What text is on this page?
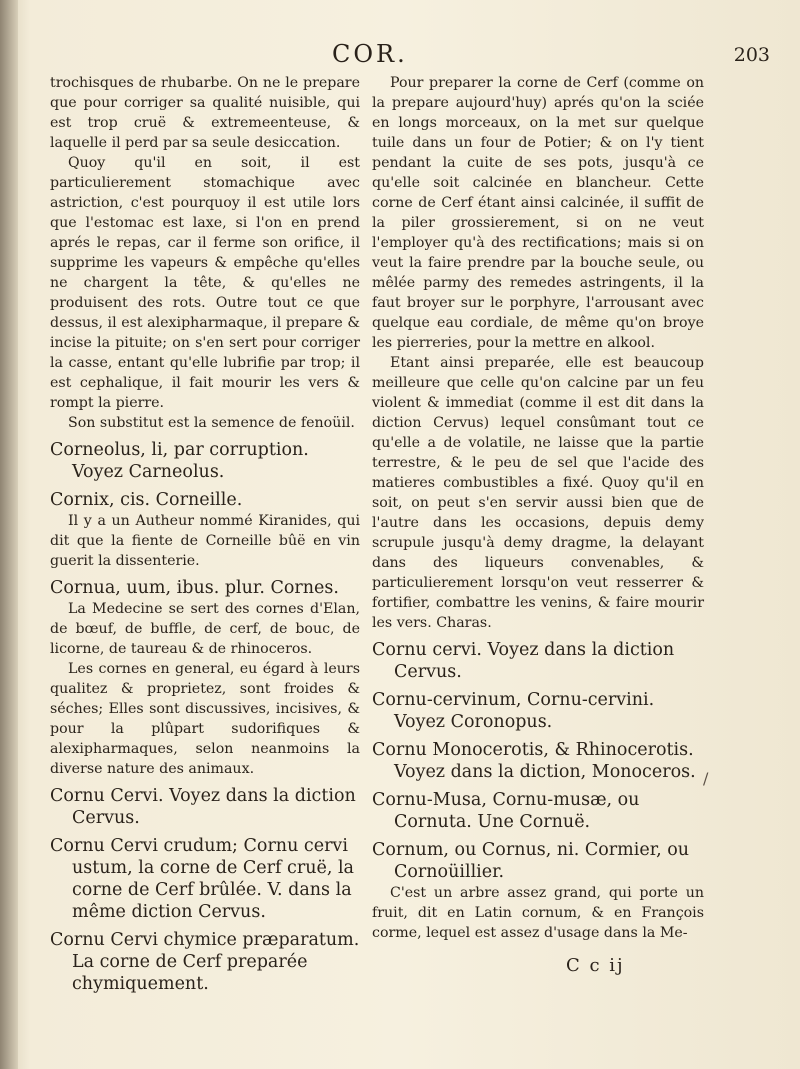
COR.	203

trochisques de rhubarbe. On ne le prepare que pour corriger sa qualité nuisible, qui est trop cruë & extremeenteuse, & laquelle il perd par sa seule desiccation.

Quoy qu'il en soit, il est particulierement stomachique avec astriction, c'est pourquoy il est utile lors que l'estomac est laxe, si l'on en prend aprés le repas, car il ferme son orifice, il supprime les vapeurs & empêche qu'elles ne chargent la tête, & qu'elles ne produisent des rots. Outre tout ce que dessus, il est alexipharmaque, il prepare & incise la pituite; on s'en sert pour corriger la casse, entant qu'elle lubrifie par trop; il est cephalique, il fait mourir les vers & rompt la pierre.

Son substitut est la semence de fenoüil.

Corneolus, li, par corruption. Voyez Carneolus.

Cornix, cis. Corneille.

Il y a un Autheur nommé Kiranides, qui dit que la fiente de Corneille bûë en vin guerit la dissenterie.

Cornua, uum, ibus. plur. Cornes.

La Medecine se sert des cornes d'Elan, de bœuf, de buffle, de cerf, de bouc, de licorne, de taureau & de rhinoceros.

Les cornes en general, eu égard à leurs qualitez & proprietez, sont froides & séches; Elles sont discussives, incisives, & pour la plûpart sudorifiques & alexipharmaques, selon neanmoins la diverse nature des animaux.

Cornu Cervi. Voyez dans la diction Cervus.

Cornu Cervi crudum; Cornu cervi ustum, la corne de Cerf cruë, la corne de Cerf brûlée. V. dans la même diction Cervus.

Cornu Cervi chymice præparatum. La corne de Cerf preparée chymiquement.

Pour preparer la corne de Cerf (comme on la prepare aujourd'huy) aprés qu'on la sciée en longs morceaux, on la met sur quelque tuile dans un four de Potier; & on l'y tient pendant la cuite de ses pots, jusqu'à ce qu'elle soit calcinée en blancheur. Cette corne de Cerf étant ainsi calcinée, il suffit de la piler grossierement, si on ne veut l'employer qu'à des rectifications; mais si on veut la faire prendre par la bouche seule, ou mêlée parmy des remedes astringents, il la faut broyer sur le porphyre, l'arrousant avec quelque eau cordiale, de même qu'on broye les pierreries, pour la mettre en alkool.

Etant ainsi preparée, elle est beaucoup meilleure que celle qu'on calcine par un feu violent & immediat (comme il est dit dans la diction Cervus) lequel consûmant tout ce qu'elle a de volatile, ne laisse que la partie terrestre, & le peu de sel que l'acide des matieres combustibles a fixé. Quoy qu'il en soit, on peut s'en servir aussi bien que de l'autre dans les occasions, depuis demy scrupule jusqu'à demy dragme, la delayant dans des liqueurs convenables, & particulierement lorsqu'on veut resserrer & fortifier, combattre les venins, & faire mourir les vers. Charas.

Cornu cervi. Voyez dans la diction Cervus.

Cornu-cervinum, Cornu-cervini. Voyez Coronopus.

Cornu Monocerotis, & Rhinocerotis. Voyez dans la diction, Monoceros.

Cornu-Musa, Cornu-musæ, ou Cornuta. Une Cornuë.

Cornum, ou Cornus, ni. Cormier, ou Cornoüillier.

C'est un arbre assez grand, qui porte un fruit, dit en Latin cornum, & en François corme, lequel est assez d'usage dans la Me-

/
C c ij
